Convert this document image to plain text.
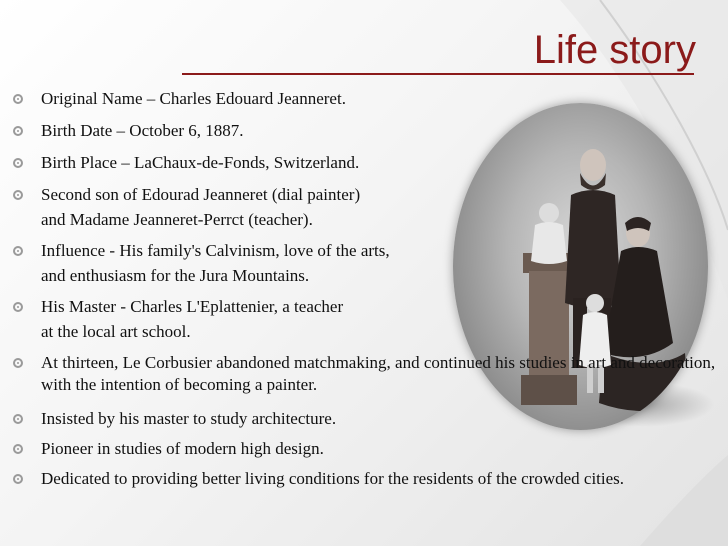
Life story
Original Name – Charles Edouard Jeanneret.
Birth Date – October 6, 1887.
Birth Place – LaChaux-de-Fonds, Switzerland.
Second son of Edourad Jeanneret (dial painter)
and Madame Jeanneret-Perrct (teacher).
Influence - His family's Calvinism, love of the arts,
and enthusiasm for the Jura Mountains.
His Master - Charles L'Eplattenier, a teacher
at the local art school.
At thirteen, Le Corbusier abandoned matchmaking, and continued his studies in art and decoration, with the intention of becoming a painter.
Insisted by his master to study architecture.
Pioneer in studies of modern high design.
Dedicated to providing better living conditions for the residents of the crowded cities.
